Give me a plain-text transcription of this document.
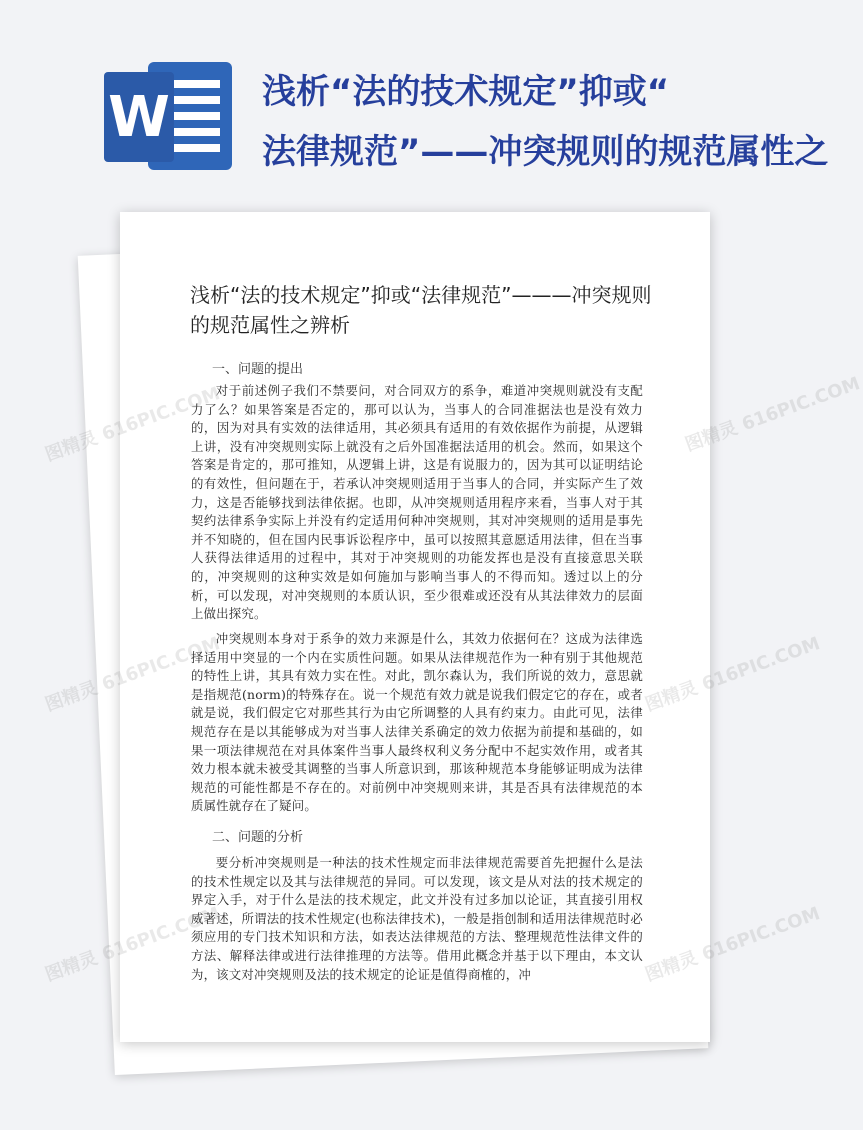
W	浅析“法的技术规定”抑或“
法律规范”——冲突规则的规范属性之
浅析“法的技术规定”抑或“法律规范”———冲突规则的规范属性之辨析
一、问题的提出
对于前述例子我们不禁要问，对合同双方的系争，难道冲突规则就没有支配力了么？如果答案是否定的，那可以认为，当事人的合同准据法也是没有效力的，因为对具有实效的法律适用，其必须具有适用的有效依据作为前提，从逻辑上讲，没有冲突规则实际上就没有之后外国准据法适用的机会。然而，如果这个答案是肯定的，那可推知，从逻辑上讲，这是有说服力的，因为其可以证明结论的有效性，但问题在于，若承认冲突规则适用于当事人的合同，并实际产生了效力，这是否能够找到法律依据。也即，从冲突规则适用程序来看，当事人对于其契约法律系争实际上并没有约定适用何种冲突规则，其对冲突规则的适用是事先并不知晓的，但在国内民事诉讼程序中，虽可以按照其意愿适用法律，但在当事人获得法律适用的过程中，其对于冲突规则的功能发挥也是没有直接意思关联的，冲突规则的这种实效是如何施加与影响当事人的不得而知。透过以上的分析，可以发现，对冲突规则的本质认识，至少很难或还没有从其法律效力的层面上做出探究。
冲突规则本身对于系争的效力来源是什么，其效力依据何在？这成为法律选择适用中突显的一个内在实质性问题。如果从法律规范作为一种有别于其他规范的特性上讲，其具有效力实在性。对此，凯尔森认为，我们所说的效力，意思就是指规范(norm)的特殊存在。说一个规范有效力就是说我们假定它的存在，或者就是说，我们假定它对那些其行为由它所调整的人具有约束力。由此可见，法律规范存在是以其能够成为对当事人法律关系确定的效力依据为前提和基础的，如果一项法律规范在对具体案件当事人最终权利义务分配中不起实效作用，或者其效力根本就未被受其调整的当事人所意识到，那该种规范本身能够证明成为法律规范的可能性都是不存在的。对前例中冲突规则来讲，其是否具有法律规范的本质属性就存在了疑问。
二、问题的分析
要分析冲突规则是一种法的技术性规定而非法律规范需要首先把握什么是法的技术性规定以及其与法律规范的异同。可以发现，该文是从对法的技术规定的界定入手，对于什么是法的技术规定，此文并没有过多加以论证，其直接引用权威著述，所谓法的技术性规定(也称法律技术)，一般是指创制和适用法律规范时必须应用的专门技术知识和方法，如表达法律规范的方法、整理规范性法律文件的方法、解释法律或进行法律推理的方法等。借用此概念并基于以下理由，本文认为，该文对冲突规则及法的技术规定的论证是值得商榷的，冲
图精灵	图精灵 616PIC.COM
图精灵	图精灵 616PIC.COM
图精灵	图精灵 616PIC.COM
